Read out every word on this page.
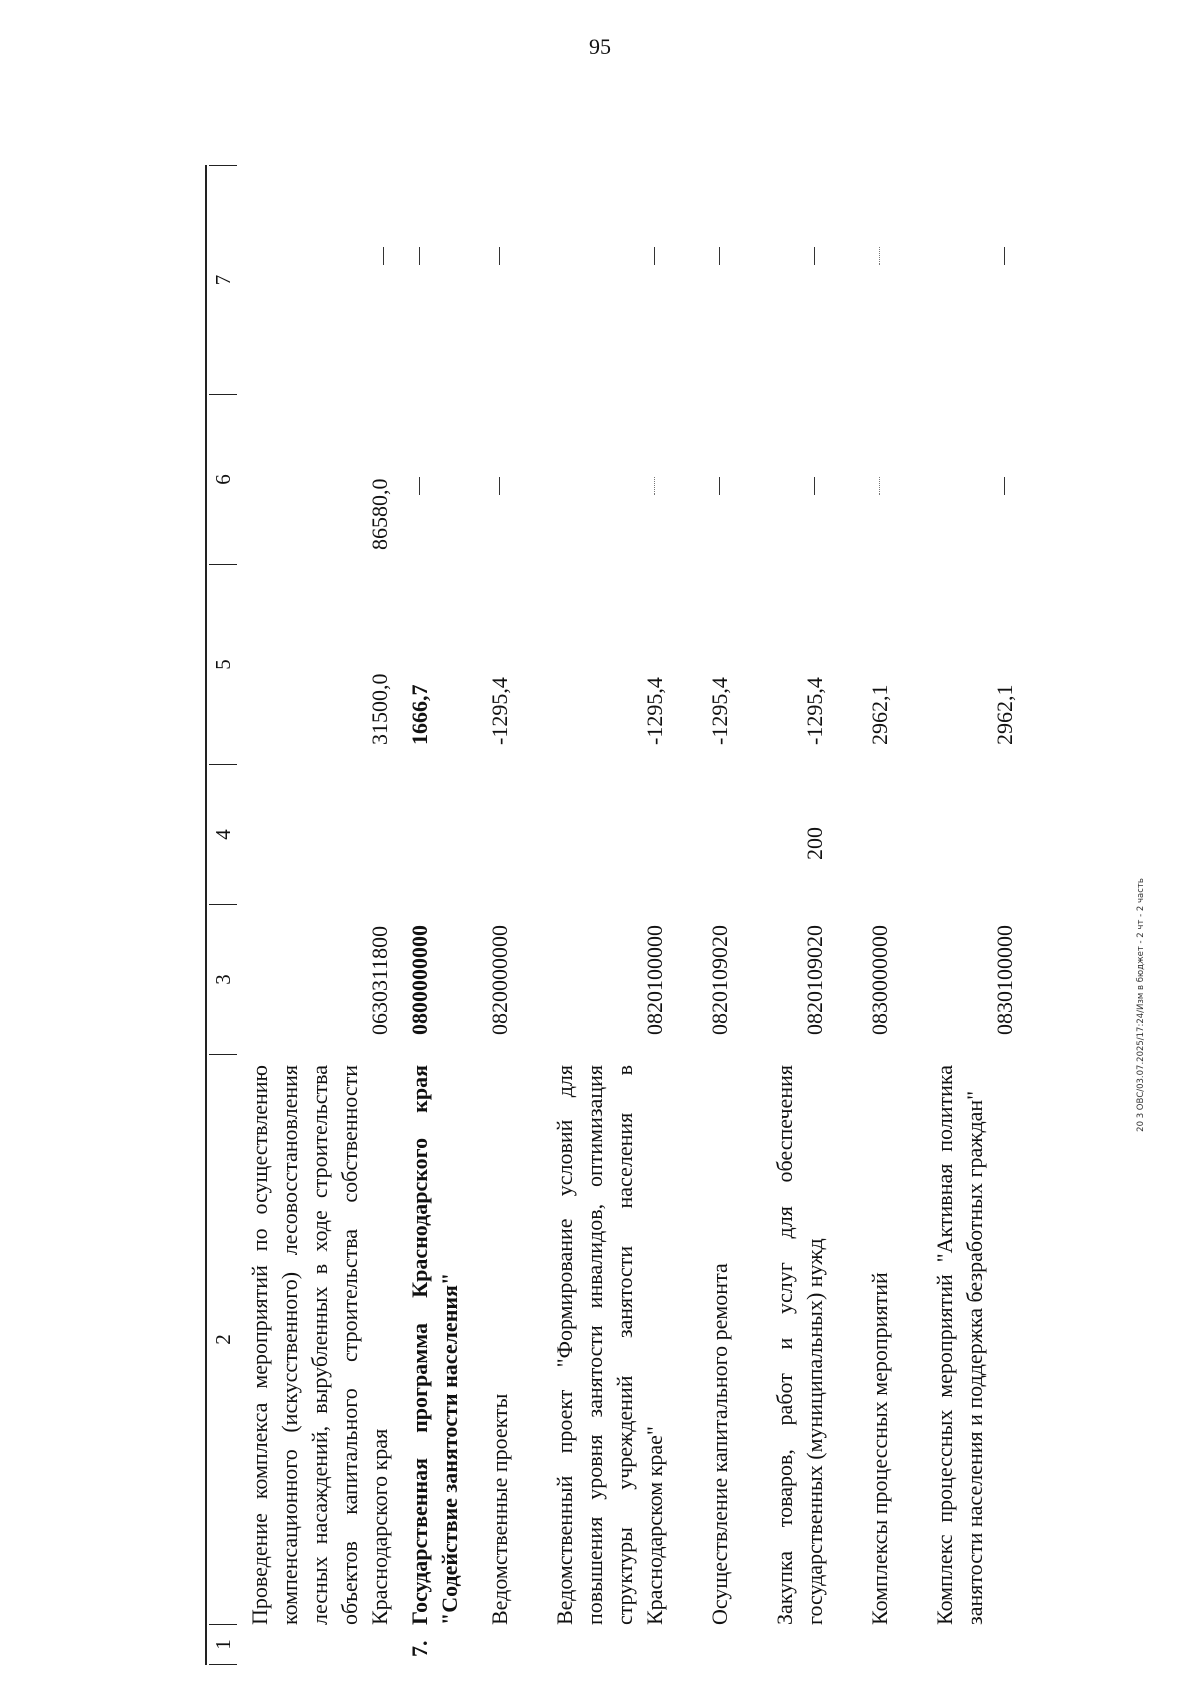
95
20 3 ОВС/03.07.2025/17:24/Изм в бюджет - 2 чт - 2 часть
1
2
3
4
5
6
7
Проведение комплекса мероприятий по осуществлению компенсационного (искусственного) лесовосстановления лесных насаждений, вырубленных в ходе строительства объектов капитального строительства собственности Краснодарского края
0630311800
31500,0
86580,0
7.
Государственная программа Краснодарского края "Содействие занятости населения"
0800000000
1666,7
Ведомственные проекты
0820000000
-1295,4
Ведомственный проект "Формирование условий для повышения уровня занятости инвалидов, оптимизация структуры учреждений занятости населения в Краснодарском крае"
0820100000
-1295,4
Осуществление капитального ремонта
0820109020
-1295,4
Закупка товаров, работ и услуг для обеспечения государственных (муниципальных) нужд
0820109020
200
-1295,4
Комплексы процессных мероприятий
0830000000
2962,1
Комплекс процессных мероприятий "Активная политика занятости населения и поддержка безработных граждан"
0830100000
2962,1
